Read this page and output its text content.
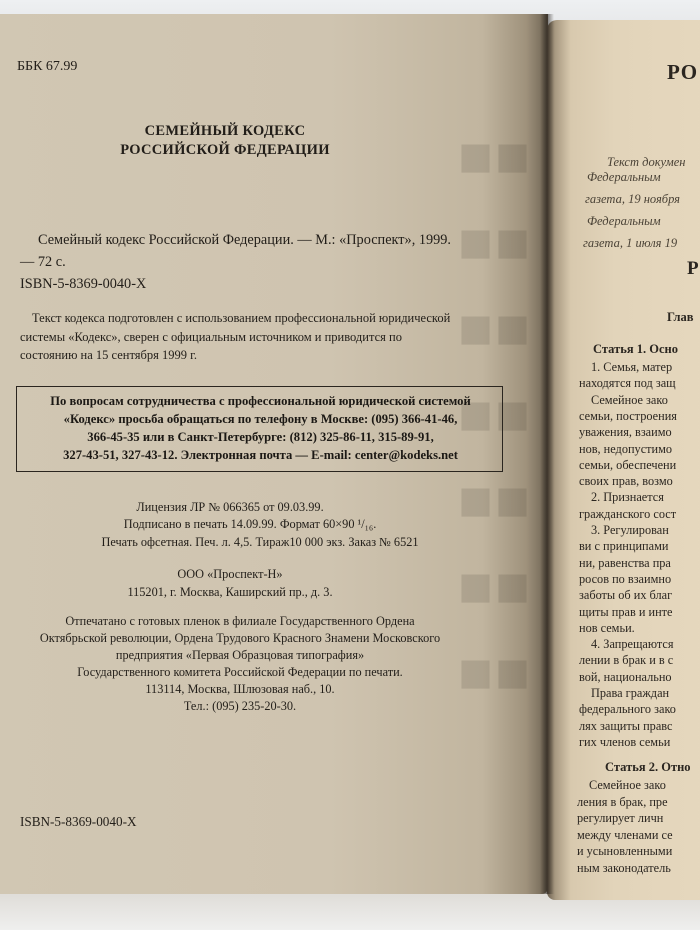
■■
■■
■■
■■
■■
■■
■■
ББК 67.99
СЕМЕЙНЫЙ КОДЕКС
РОССИЙСКОЙ ФЕДЕРАЦИИ
Семейный кодекс Российской Федерации. — М.: «Проспект», 1999.
— 72 с.
ISBN-5-8369-0040-X
Текст кодекса подготовлен с использованием профессиональной юридической
системы «Кодекс», сверен с официальным источником и приводится по
состоянию на 15 сентября 1999 г.
По вопросам сотрудничества с профессиональной юридической системой
«Кодекс» просьба обращаться по телефону в Москве: (095) 366-41-46,
366-45-35 или в Санкт-Петербурге: (812) 325-86-11, 315-89-91,
327-43-51, 327-43-12. Электронная почта — E-mail: center@kodeks.net
Лицензия ЛР № 066365 от 09.03.99.
Подписано в печать 14.09.99. Формат 60×90 ¹/₁₆.
Печать офсетная. Печ. л. 4,5. Тираж10 000 экз. Заказ № 6521
ООО «Проспект-Н»
115201, г. Москва, Каширский пр., д. 3.
Отпечатано с готовых пленок в филиале Государственного Ордена
Октябрьской революции, Ордена Трудового Красного Знамени Московского
предприятия «Первая Образцовая типография»
Государственного комитета Российской Федерации по печати.
113114, Москва, Шлюзовая наб., 10.
Тел.: (095) 235-20-30.
ISBN-5-8369-0040-X
РО
Текст докумен
Федеральным
газета, 19 ноября
Федеральным
газета, 1 июля 19
Р
Глав
Статья 1. Осно
1. Семья, матер
находятся под защ
Семейное зако
семьи, построения
уважения, взаимо
нов, недопустимо
семьи, обеспечени
своих прав, возмо
2. Признается
гражданского сост
3. Регулирован
ви с принципами
ни, равенства пра
росов по взаимно
заботы об их благ
щиты прав и инте
нов семьи.
4. Запрещаются
лении в брак и в с
вой, национально
Права граждан
федерального зако
лях защиты правс
гих членов семьи
Статья 2. Отно
Семейное зако
ления в брак, пре
регулирует личн
между членами се
и усыновленными
ным законодатель
